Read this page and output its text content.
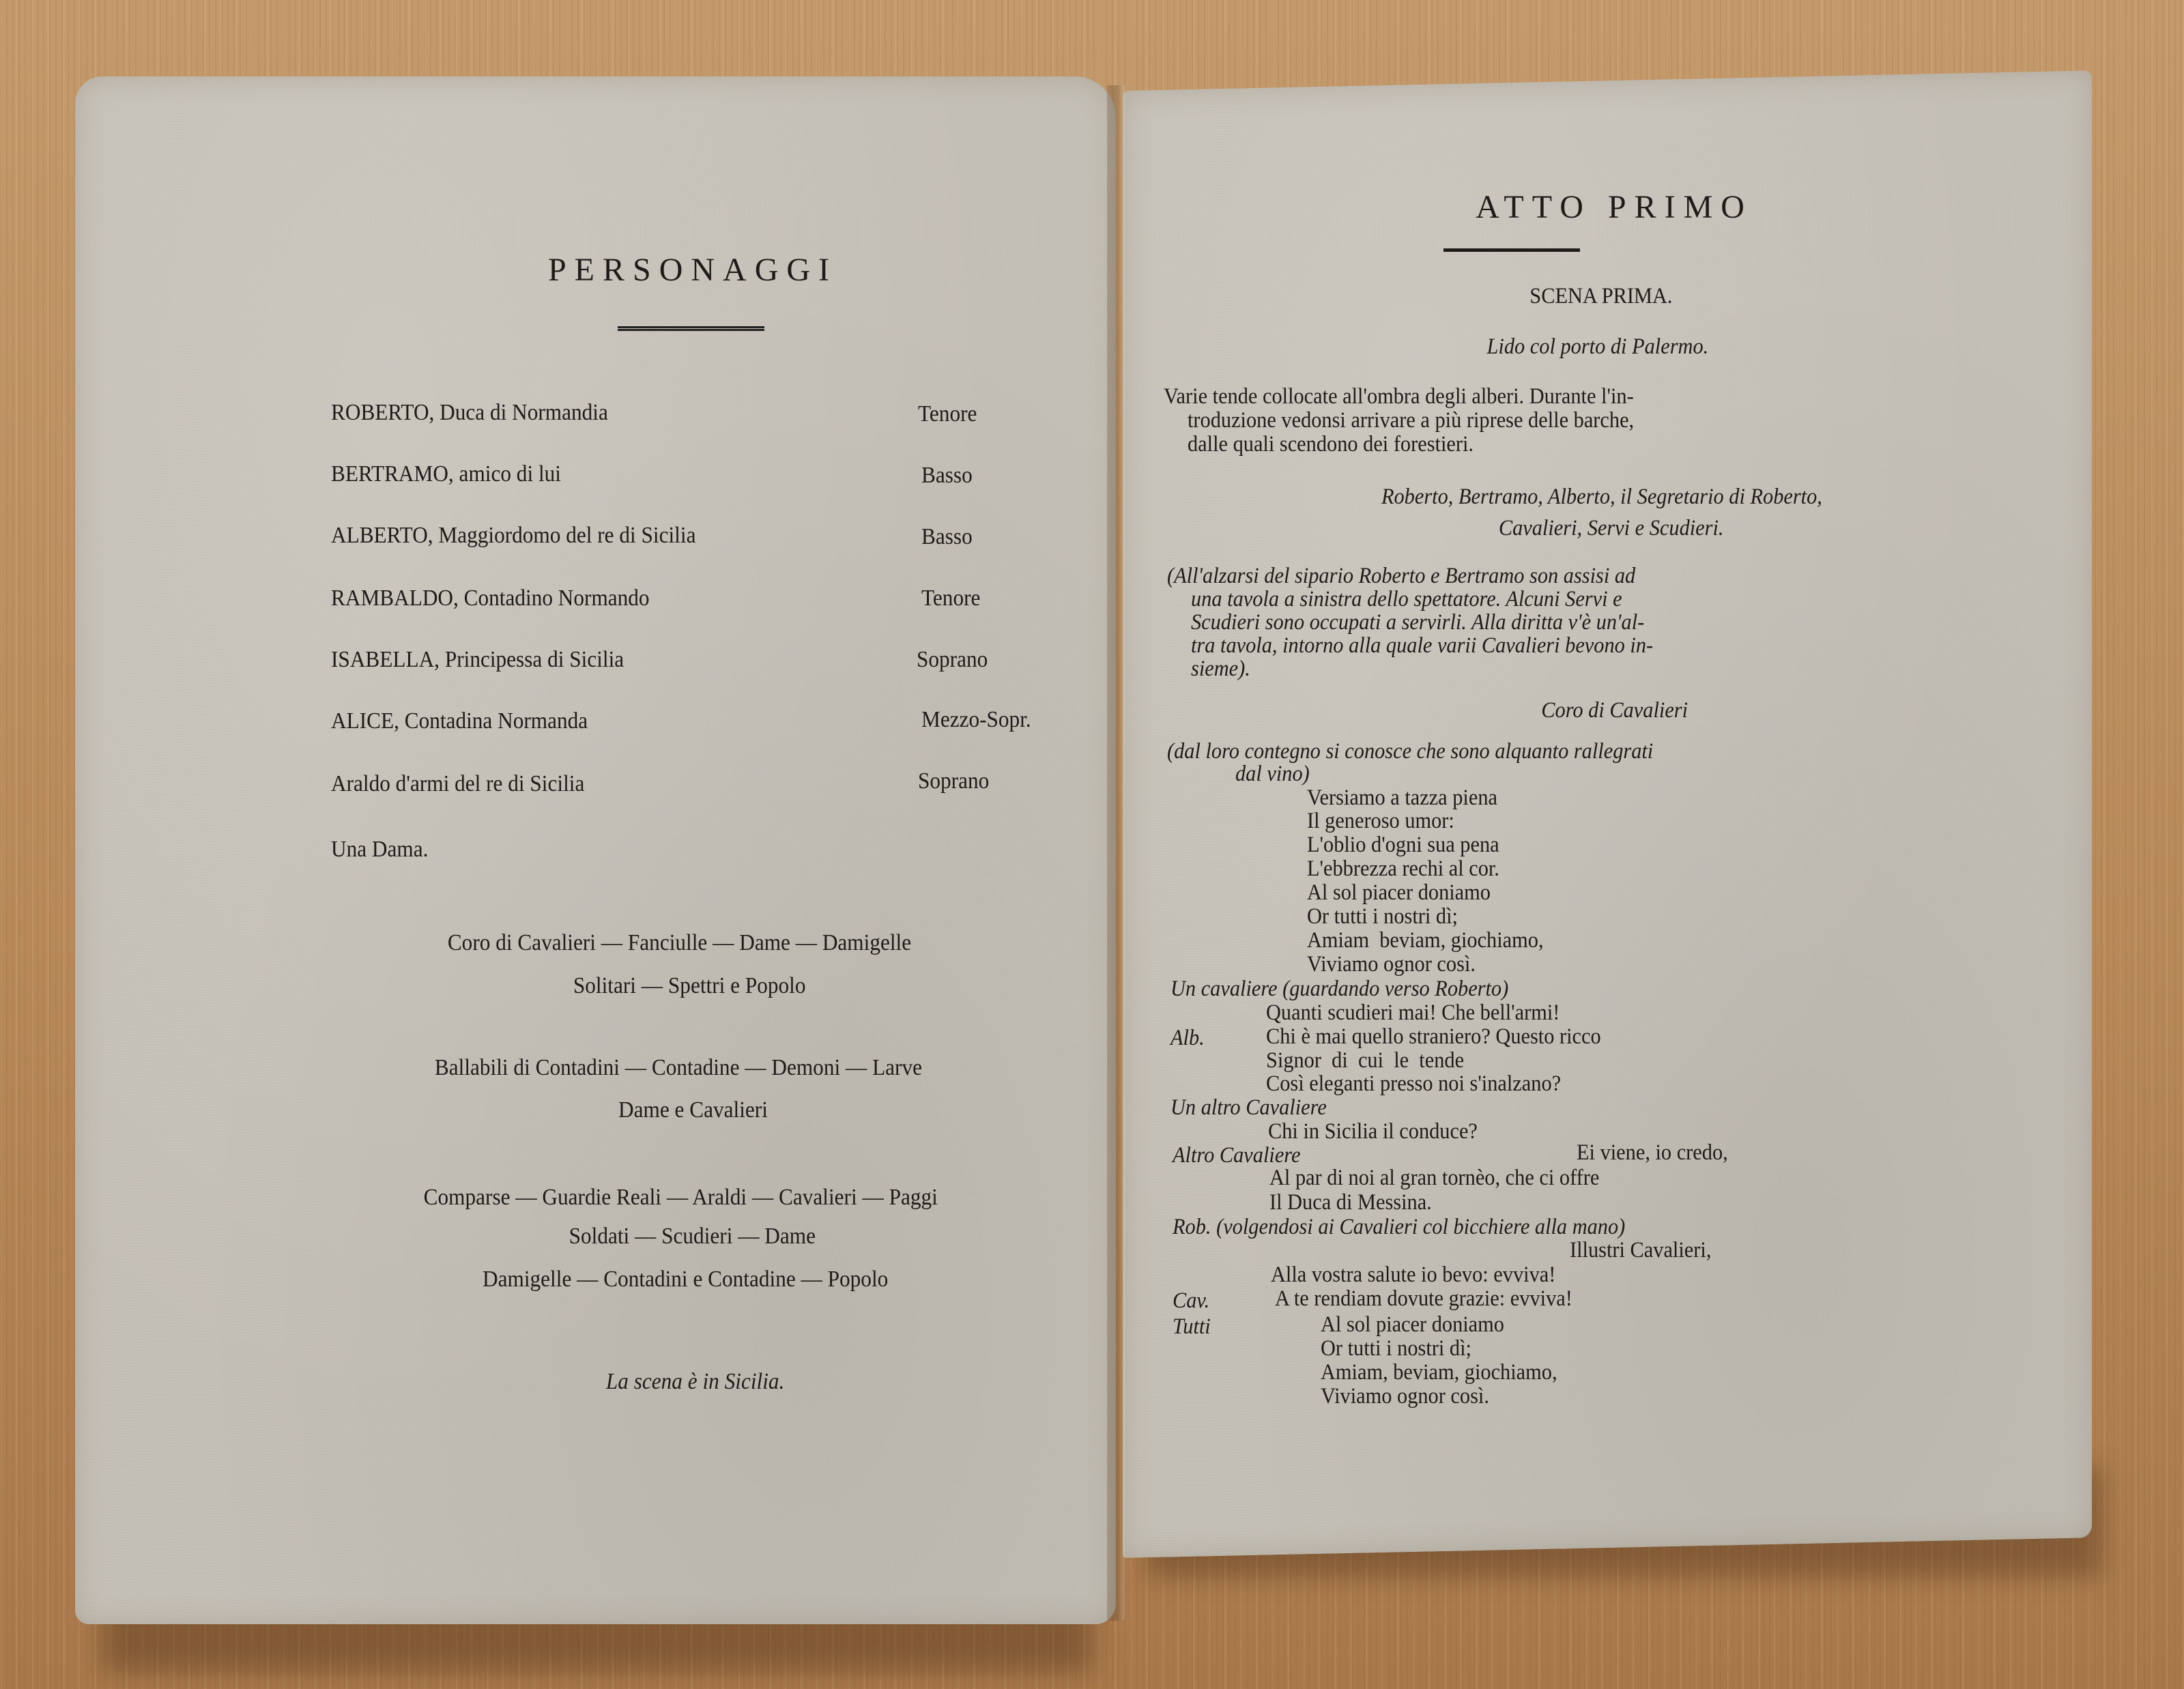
PERSONAGGI
ROBERTO, Duca di Normandia	Tenore
BERTRAMO, amico di lui	Basso
ALBERTO, Maggiordomo del re di Sicilia	Basso
RAMBALDO, Contadino Normando	Tenore
ISABELLA, Principessa di Sicilia	Soprano
ALICE, Contadina Normanda	Mezzo-Sopr.
Araldo d'armi del re di Sicilia	Soprano
Una Dama.
Coro di Cavalieri — Fanciulle — Dame — Damigelle
Solitari — Spettri e Popolo
Ballabili di Contadini — Contadine — Demoni — Larve
Dame e Cavalieri
Comparse — Guardie Reali — Araldi — Cavalieri — Paggi
Soldati — Scudieri — Dame
Damigelle — Contadini e Contadine — Popolo
La scena è in Sicilia.
ATTO PRIMO
SCENA PRIMA.
Lido col porto di Palermo.
Varie tende collocate all'ombra degli alberi. Durante l'in-
troduzione vedonsi arrivare a più riprese delle barche,
dalle quali scendono dei forestieri.
Roberto, Bertramo, Alberto, il Segretario di Roberto,
Cavalieri, Servi e Scudieri.
(All'alzarsi del sipario Roberto e Bertramo son assisi ad
una tavola a sinistra dello spettatore. Alcuni Servi e
Scudieri sono occupati a servirli. Alla diritta v'è un'al-
tra tavola, intorno alla quale varii Cavalieri bevono in-
sieme).
Coro di Cavalieri
(dal loro contegno si conosce che sono alquanto rallegrati
dal vino)
Versiamo a tazza piena
Il generoso umor:
L'oblio d'ogni sua pena
L'ebbrezza rechi al cor.
Al sol piacer doniamo
Or tutti i nostri dì;
Amiam  beviam, giochiamo,
Viviamo ognor così.
Un cavaliere (guardando verso Roberto)
Quanti scudieri mai! Che bell'armi!
Alb.	Chi è mai quello straniero? Questo ricco
Signor  di  cui  le  tende
Così eleganti presso noi s'inalzano?
Un altro Cavaliere
Chi in Sicilia il conduce?
Altro Cavaliere	Ei viene, io credo,
Al par di noi al gran tornèo, che ci offre
Il Duca di Messina.
Rob. (volgendosi ai Cavalieri col bicchiere alla mano)
Illustri Cavalieri,
Alla vostra salute io bevo: evviva!
Cav.	A te rendiam dovute grazie: evviva!
Tutti	Al sol piacer doniamo
Or tutti i nostri dì;
Amiam, beviam, giochiamo,
Viviamo ognor così.
